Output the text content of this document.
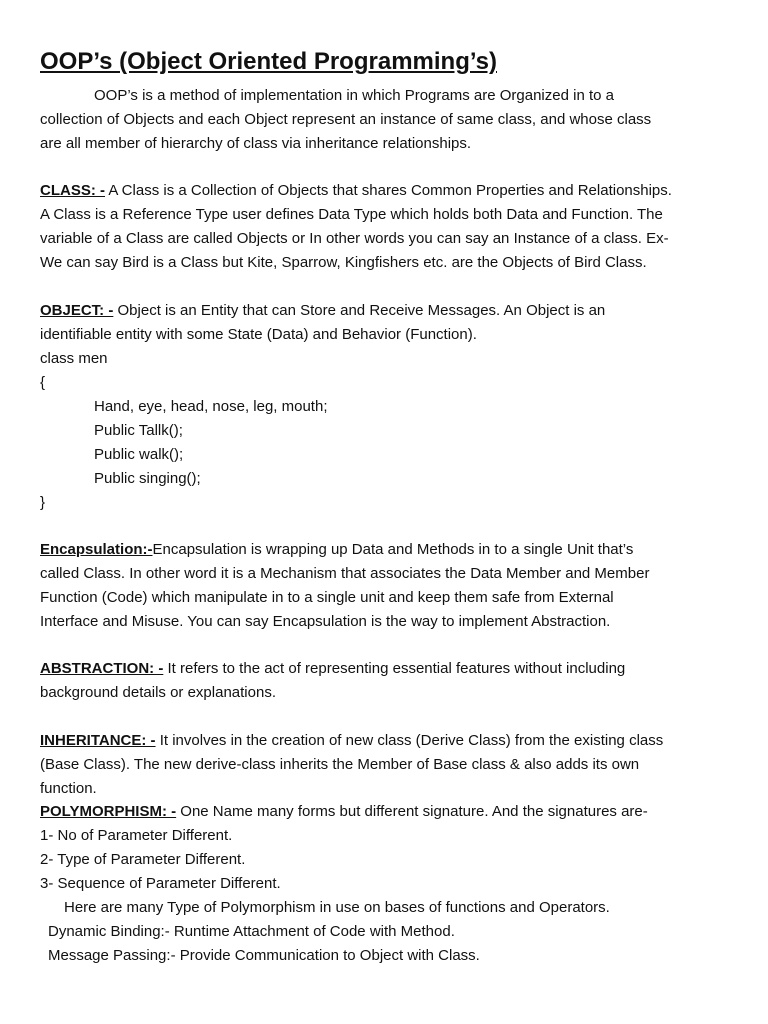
OOP’s (Object Oriented Programming’s)
OOP’s is a method of implementation in which Programs are Organized in to a
collection of Objects and each Object represent an instance of same class, and whose class
are all member of hierarchy of class via inheritance relationships.
CLASS: - A Class is a Collection of Objects that shares Common Properties and Relationships.
A Class is a Reference Type user defines Data Type which holds both Data and Function. The
variable of a Class are called Objects or In other words you can say an Instance of a class. Ex-
We can say Bird is a Class but Kite, Sparrow, Kingfishers etc. are the Objects of Bird Class.
OBJECT: - Object is an Entity that can Store and Receive Messages. An Object is an
identifiable entity with some State (Data) and Behavior (Function).
class men
{
Hand, eye, head, nose, leg, mouth;
Public Tallk();
Public walk();
Public singing();
}
Encapsulation:-Encapsulation is wrapping up Data and Methods in to a single Unit that’s
called Class. In other word it is a Mechanism that associates the Data Member and Member
Function (Code) which manipulate in to a single unit and keep them safe from External
Interface and Misuse. You can say Encapsulation is the way to implement Abstraction.
ABSTRACTION: - It refers to the act of representing essential features without including
background details or explanations.
INHERITANCE: - It involves in the creation of new class (Derive Class) from the existing class
(Base Class). The new derive-class inherits the Member of Base class & also adds its own
function.
POLYMORPHISM: - One Name many forms but different signature. And the signatures are-
1- No of Parameter Different.
2- Type of Parameter Different.
3- Sequence of Parameter Different.
Here are many Type of Polymorphism in use on bases of functions and Operators.
Dynamic Binding:- Runtime Attachment of Code with Method.
Message Passing:- Provide Communication to Object with Class.
